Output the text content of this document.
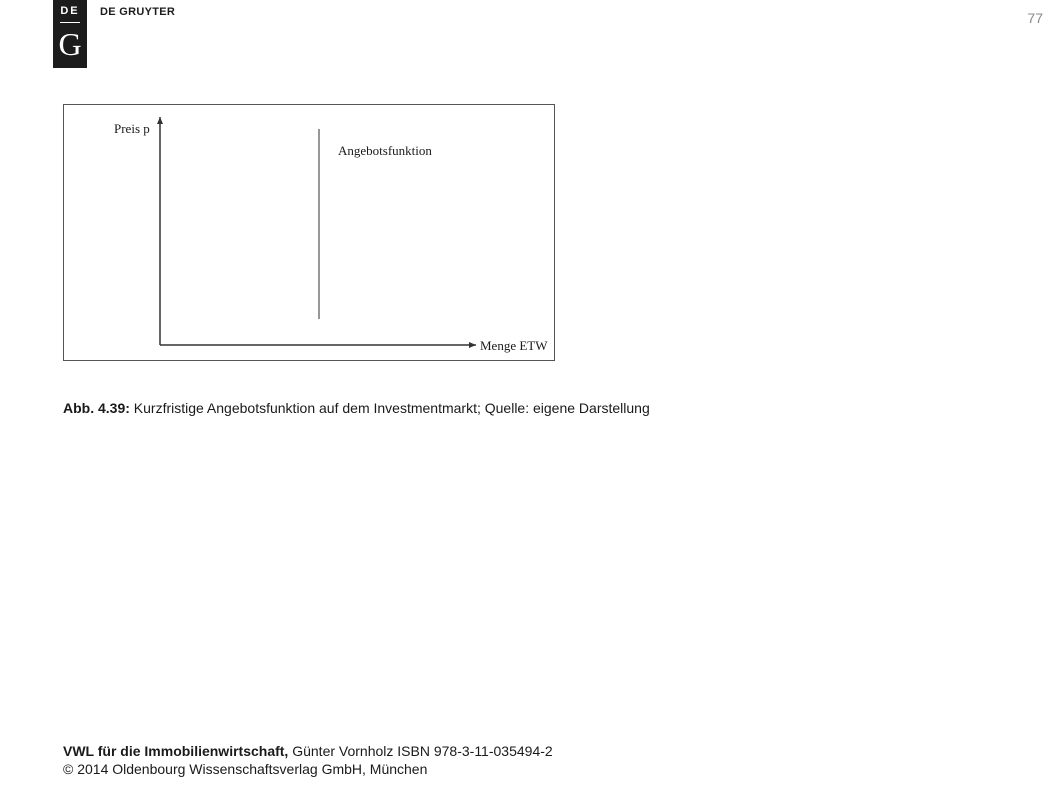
DE
G
DE GRUYTER	77
Preis p
Angebotsfunktion
Menge ETW
Abb. 4.39: Kurzfristige Angebotsfunktion auf dem Investmentmarkt; Quelle: eigene Darstellung
VWL für die Immobilienwirtschaft, Günter Vornholz ISBN 978-3-11-035494-2
© 2014 Oldenbourg Wissenschaftsverlag GmbH, München
